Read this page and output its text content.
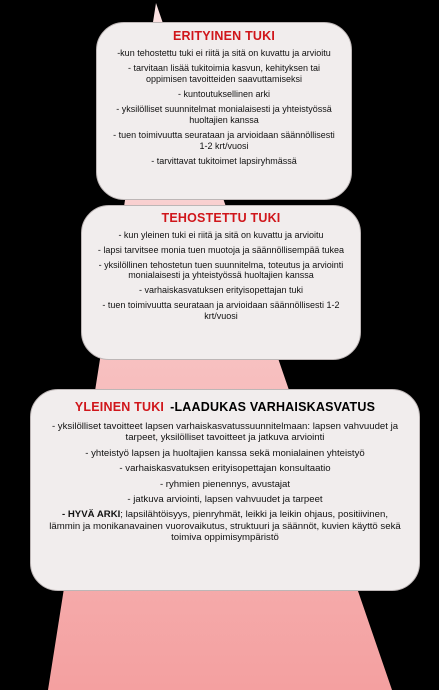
ERITYINEN TUKI
-kun tehostettu tuki ei riitä ja sitä on kuvattu ja arvioitu
- tarvitaan lisää tukitoimia kasvun, kehityksen tai oppimisen tavoitteiden saavuttamiseksi
- kuntoutuksellinen arki
- yksilölliset suunnitelmat monialaisesti ja yhteistyössä huoltajien kanssa
- tuen toimivuutta seurataan ja arvioidaan säännöllisesti 1-2 krt/vuosi
- tarvittavat tukitoimet lapsiryhmässä
TEHOSTETTU TUKI
- kun yleinen tuki ei riitä ja sitä on kuvattu ja arvioitu
- lapsi tarvitsee monia tuen muotoja ja säännöllisempää tukea
- yksilöllinen tehostetun tuen suunnitelma, toteutus ja arviointi monialaisesti ja yhteistyössä huoltajien kanssa
- varhaiskasvatuksen erityisopettajan tuki
- tuen toimivuutta seurataan ja arvioidaan säännöllisesti 1-2 krt/vuosi
YLEINEN TUKI -LAADUKAS VARHAISKASVATUS
- yksilölliset tavoitteet lapsen varhaiskasvatussuunnitelmaan: lapsen vahvuudet ja tarpeet, yksilölliset tavoitteet ja jatkuva arviointi
- yhteistyö lapsen ja huoltajien kanssa sekä monialainen yhteistyö
- varhaiskasvatuksen erityisopettajan konsultaatio
- ryhmien pienennys, avustajat
- jatkuva arviointi, lapsen vahvuudet ja tarpeet
- HYVÄ ARKI; lapsilähtöisyys, pienryhmät, leikki ja leikin ohjaus, positiivinen, lämmin ja monikanavainen vuorovaikutus, struktuuri ja säännöt, kuvien käyttö sekä toimiva oppimisympäristö
